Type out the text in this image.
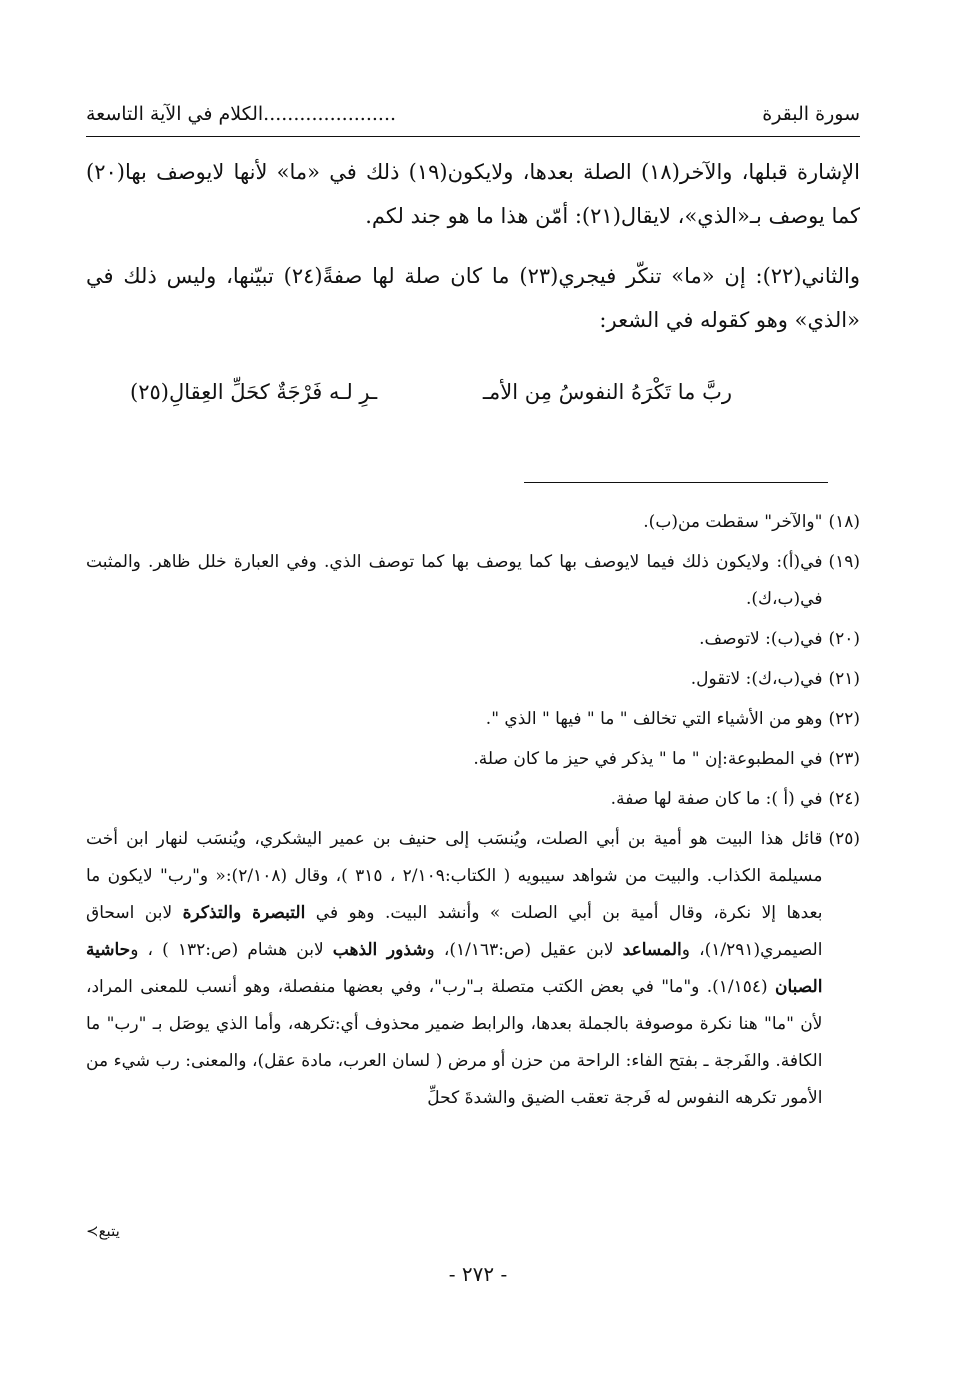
سورة البقرة
......................الكلام في الآية التاسعة

الإشارة قبلها، والآخر(١٨) الصلة بعدها، ولايكون(١٩) ذلك في «ما» لأنها لايوصف بها(٢٠) كما يوصف بـ«الذي»، لايقال(٢١): أمّن هذا ما هو جند لكم.

والثاني(٢٢): إن «ما» تنكّر فيجري(٢٣) ما كان صلة لها صفةً(٢٤) تبيّنها، وليس ذلك في «الذي» وهو كقوله في الشعر:

ربَّ ما تَكْرَهُ النفوسُ مِن الأمـ
ـرِ لـه فَرْجَةٌ كحَلِّ العِقالِ(٢٥)
(١٨)
"والآخر" سقطت من(ب).
(١٩)
في(أ): ولايكون ذلك فيما لايوصف بها كما يوصف بها كما توصف الذي. وفي العبارة خلل ظاهر. والمثبت في(ب،ك).
(٢٠)
في(ب): لاتوصف.
(٢١)
في(ب،ك): لاتقول.
(٢٢)
وهو من الأشياء التي تخالف " ما " فيها " الذي ".
(٢٣)
في المطبوعة:إن " ما " يذكر في حيز ما كان صلة.
(٢٤)
في (أ ): ما كان صفة لها صفة.
(٢٥)
قائل هذا البيت هو أمية بن أبي الصلت، ويُنسَب إلى حنيف بن عمير اليشكري، ويُنسَب لنهار ابن أخت مسيلمة الكذاب. والبيت من شواهد سيبويه ( الكتاب:٢/١٠٩ ، ٣١٥ )، وقال (٢/١٠٨):« و"رب" لايكون ما بعدها إلا نكرة، وقال أمية بن أبي الصلت » وأنشد البيت. وهو في التبصرة والتذكرة لابن اسحاق الصيمري(١/٢٩١)، والمساعد لابن عقيل (ص:١/١٦٣)، وشذور الذهب لابن هشام (ص:١٣٢ ) ، وحاشية الصبان (١/١٥٤). و"ما" في بعض الكتب متصلة بـ"رب"، وفي بعضها منفصلة، وهو أنسب للمعنى المراد، لأن "ما" هنا نكرة موصوفة بالجملة بعدها، والرابط ضمير محذوف أي:تكرهه، وأما الذي يوصَل بـ "رب" ما الكافة. والفَرجة ـ بفتح الفاء: الراحة من حزن أو مرض ( لسان العرب، مادة عقل)، والمعنى: رب شيء من الأمور تكرهه النفوس له فَرجة تعقب الضيق والشدةَ كحلِّ
يتبع≻
- ٢٧٢ -
